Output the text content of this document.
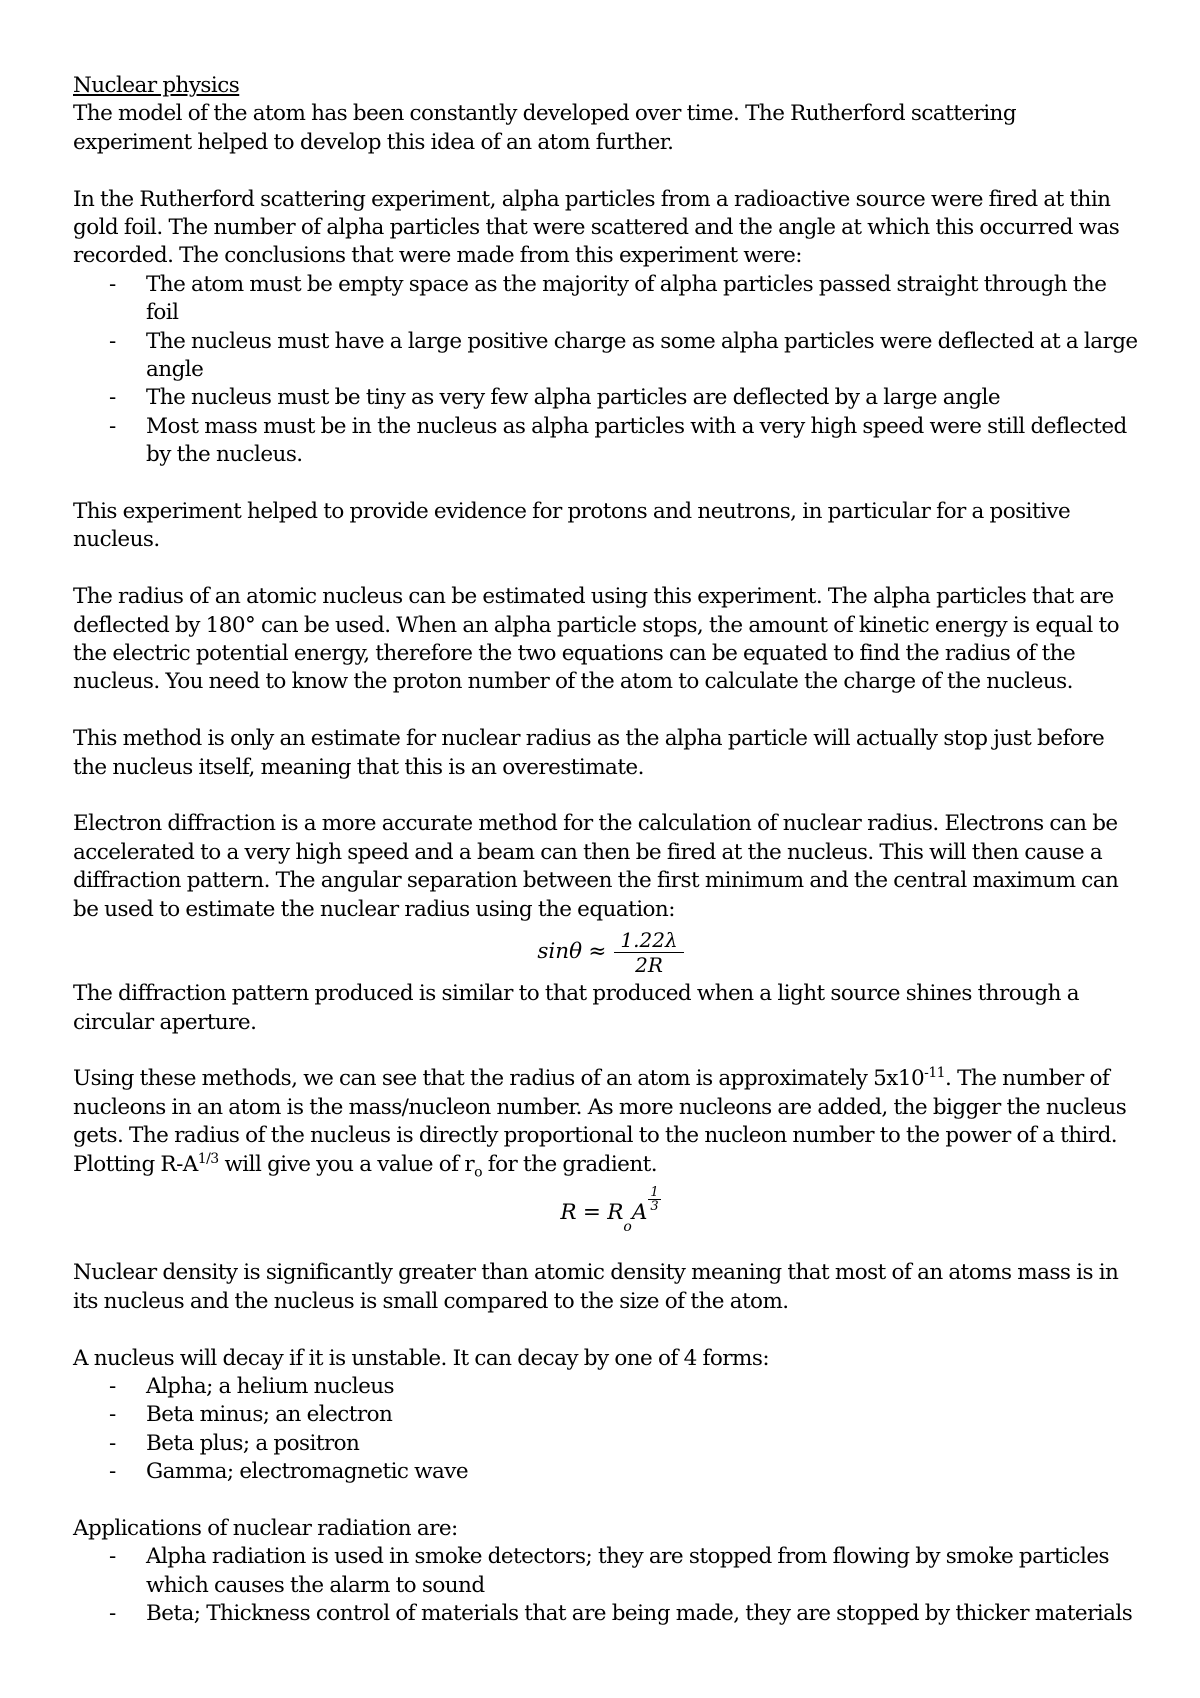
Nuclear physics

The model of the atom has been constantly developed over time. The Rutherford scattering experiment helped to develop this idea of an atom further.

In the Rutherford scattering experiment, alpha particles from a radioactive source were fired at thin gold foil. The number of alpha particles that were scattered and the angle at which this occurred was recorded. The conclusions that were made from this experiment were:

- The atom must be empty space as the majority of alpha particles passed straight through the foil
- The nucleus must have a large positive charge as some alpha particles were deflected at a large angle
- The nucleus must be tiny as very few alpha particles are deflected by a large angle
- Most mass must be in the nucleus as alpha particles with a very high speed were still deflected by the nucleus.

This experiment helped to provide evidence for protons and neutrons, in particular for a positive nucleus.

The radius of an atomic nucleus can be estimated using this experiment. The alpha particles that are deflected by 180° can be used. When an alpha particle stops, the amount of kinetic energy is equal to the electric potential energy, therefore the two equations can be equated to find the radius of the nucleus. You need to know the proton number of the atom to calculate the charge of the nucleus.

This method is only an estimate for nuclear radius as the alpha particle will actually stop just before the nucleus itself, meaning that this is an overestimate.

Electron diffraction is a more accurate method for the calculation of nuclear radius. Electrons can be accelerated to a very high speed and a beam can then be fired at the nucleus. This will then cause a diffraction pattern. The angular separation between the first minimum and the central maximum can be used to estimate the nuclear radius using the equation:

$\sin\theta \approx \frac{1.22\lambda}{2R}$

The diffraction pattern produced is similar to that produced when a light source shines through a circular aperture.

Using these methods, we can see that the radius of an atom is approximately $5x10^{-11}$. The number of nucleons in an atom is the mass/nucleon number. As more nucleons are added, the bigger the nucleus gets. The radius of the nucleus is directly proportional to the nucleon number to the power of a third. Plotting $R-A^{1/3}$ will give you a value of $r_o$ for the gradient.

R = R
o
A $\frac{1}{3}$

Nuclear density is significantly greater than atomic density meaning that most of an atoms mass is in its nucleus and the nucleus is small compared to the size of the atom.

A nucleus will decay if it is unstable. It can decay by one of 4 forms:

- Alpha; a helium nucleus
- Beta minus; an electron
- Beta plus; a positron
- Gamma; electromagnetic wave

Applications of nuclear radiation are:

- Alpha radiation is used in smoke detectors; they are stopped from flowing by smoke particles which causes the alarm to sound
- Beta; Thickness control of materials that are being made, they are stopped by thicker materials
